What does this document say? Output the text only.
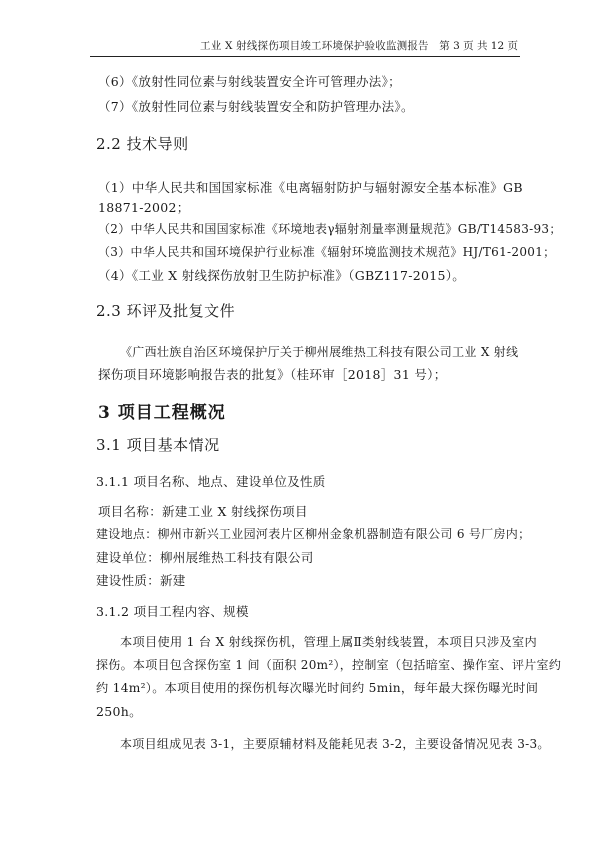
工业 X 射线探伤项目竣工环境保护验收监测报告 第 3 页 共 12 页
（6）《放射性同位素与射线装置安全许可管理办法》；
（7）《放射性同位素与射线装置安全和防护管理办法》。
2.2 技术导则
（1）中华人民共和国国家标准《电离辐射防护与辐射源安全基本标准》GB
18871-2002；
（2）中华人民共和国国家标准《环境地表γ辐射剂量率测量规范》GB/T14583-93；
（3）中华人民共和国环境保护行业标准《辐射环境监测技术规范》HJ/T61-2001；
（4）《工业 X 射线探伤放射卫生防护标准》（GBZ117-2015）。
2.3 环评及批复文件
《广西壮族自治区环境保护厅关于柳州展维热工科技有限公司工业 X 射线
探伤项目环境影响报告表的批复》（桂环审［2018］31 号）；
3 项目工程概况
3.1 项目基本情况
3.1.1 项目名称、地点、建设单位及性质
项目名称：新建工业 X 射线探伤项目
建设地点：柳州市新兴工业园河表片区柳州金象机器制造有限公司 6 号厂房内；
建设单位：柳州展维热工科技有限公司
建设性质：新建
3.1.2 项目工程内容、规模
本项目使用 1 台 X 射线探伤机，管理上属Ⅱ类射线装置，本项目只涉及室内
探伤。本项目包含探伤室 1 间（面积 20m²），控制室（包括暗室、操作室、评片室约
约 14m²）。本项目使用的探伤机每次曝光时间约 5min，每年最大探伤曝光时间
250h。
本项目组成见表 3-1，主要原辅材料及能耗见表 3-2，主要设备情况见表 3-3。
